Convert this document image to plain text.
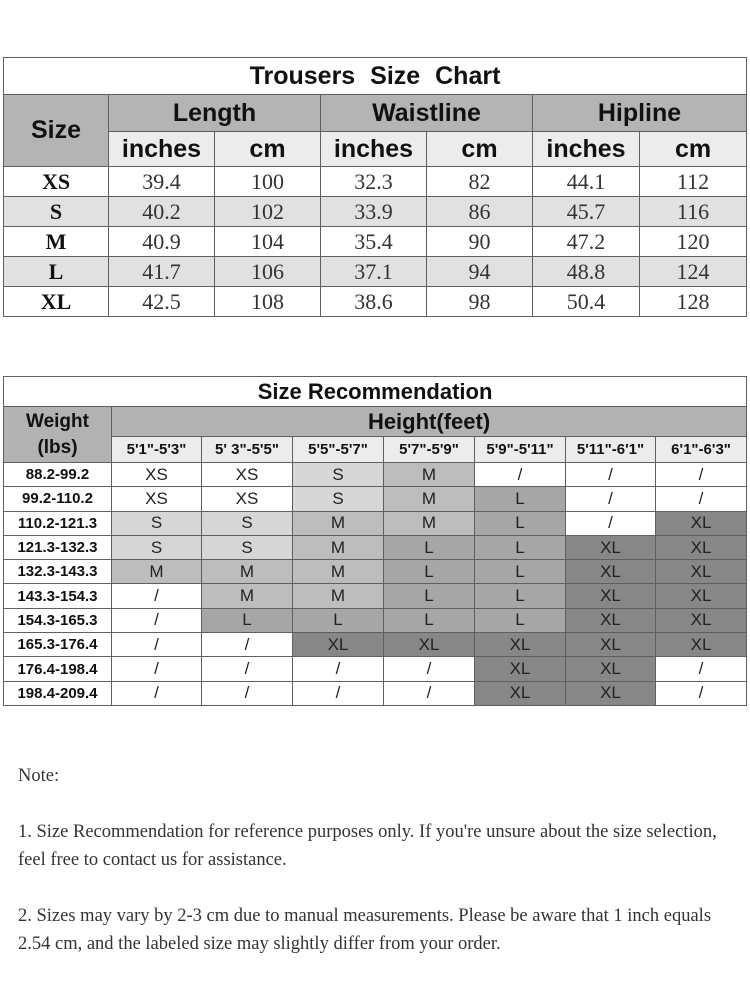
Trousers Size Chart						
Size	Length		Waistline		Hipline	
	inches	cm	inches	cm	inches	cm
XS	39.4	100	32.3	82	44.1	112
S	40.2	102	33.9	86	45.7	116
M	40.9	104	35.4	90	47.2	120
L	41.7	106	37.1	94	48.8	124
XL	42.5	108	38.6	98	50.4	128
Size Recommendation							
Weight
(lbs)	Height(feet)						
	5'1"-5'3"	5' 3"-5'5"	5'5"-5'7"	5'7"-5'9"	5'9"-5'11"	5'11"-6'1"	6'1"-6'3"
88.2-99.2	XS	XS	S	M	/	/	/
99.2-110.2	XS	XS	S	M	L	/	/
110.2-121.3	S	S	M	M	L	/	XL
121.3-132.3	S	S	M	L	L	XL	XL
132.3-143.3	M	M	M	L	L	XL	XL
143.3-154.3	/	M	M	L	L	XL	XL
154.3-165.3	/	L	L	L	L	XL	XL
165.3-176.4	/	/	XL	XL	XL	XL	XL
176.4-198.4	/	/	/	/	XL	XL	/
198.4-209.4	/	/	/	/	XL	XL	/

Note:

1. Size Recommendation for reference purposes only. If you're unsure about the size selection, feel free to contact us for assistance.

2. Sizes may vary by 2-3 cm due to manual measurements. Please be aware that 1 inch equals 2.54 cm, and the labeled size may slightly differ from your order.
